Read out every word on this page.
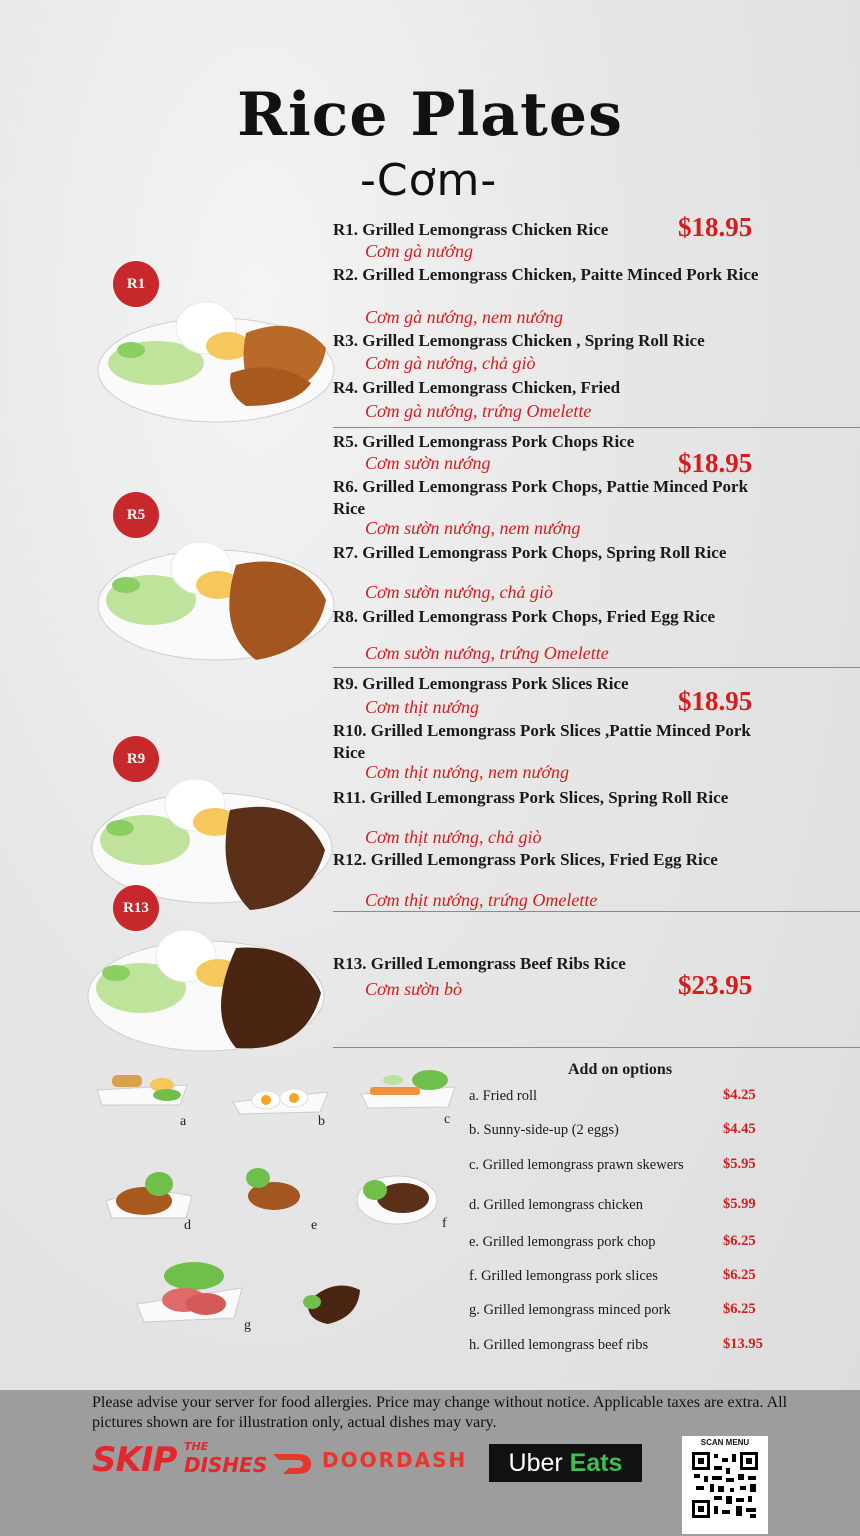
Rice Plates
-Cơm-
R1
R1. Grilled Lemongrass Chicken Rice
Cơm gà nướng
$18.95
R2. Grilled Lemongrass Chicken, Paitte Minced Pork Rice
Cơm gà nướng, nem nướng
R3. Grilled Lemongrass Chicken , Spring Roll Rice
Cơm gà nướng, chả giò
R4. Grilled Lemongrass Chicken, Fried
Cơm gà nướng, trứng Omelette
R5
R5. Grilled Lemongrass Pork Chops Rice
Cơm sườn nướng	$18.95
R6. Grilled Lemongrass Pork Chops, Pattie Minced Pork Rice
Cơm sườn nướng, nem nướng
R7. Grilled Lemongrass Pork Chops, Spring Roll Rice
Cơm sườn nướng, chả giò
R8. Grilled Lemongrass Pork Chops, Fried Egg Rice
Cơm sườn nướng, trứng Omelette
R9
R9. Grilled Lemongrass Pork Slices Rice
Cơm thịt nướng	$18.95
R10. Grilled Lemongrass Pork Slices ,Pattie Minced Pork Rice
Cơm thịt nướng, nem nướng
R11. Grilled Lemongrass Pork Slices, Spring Roll Rice
Cơm thịt nướng, chả giò
R12. Grilled Lemongrass Pork Slices, Fried Egg Rice
Cơm thịt nướng, trứng Omelette
R13
R13. Grilled Lemongrass Beef Ribs Rice
Cơm sườn bò	$23.95
a	b	c
d	e	f
g
Add on options
a. Fried roll	$4.25
b. Sunny-side-up (2 eggs)	$4.45
c. Grilled lemongrass prawn skewers	$5.95
d. Grilled lemongrass chicken	$5.99
e. Grilled lemongrass pork chop	$6.25
f. Grilled lemongrass pork slices	$6.25
g. Grilled lemongrass minced pork	$6.25
h. Grilled lemongrass beef ribs	$13.95
Please advise your server for food allergies. Price may change without notice. Applicable taxes are extra. All pictures shown are for illustration only, actual dishes may vary.
SKIP THE
DISHES	DOORDASH	Uber Eats
SCAN MENU
